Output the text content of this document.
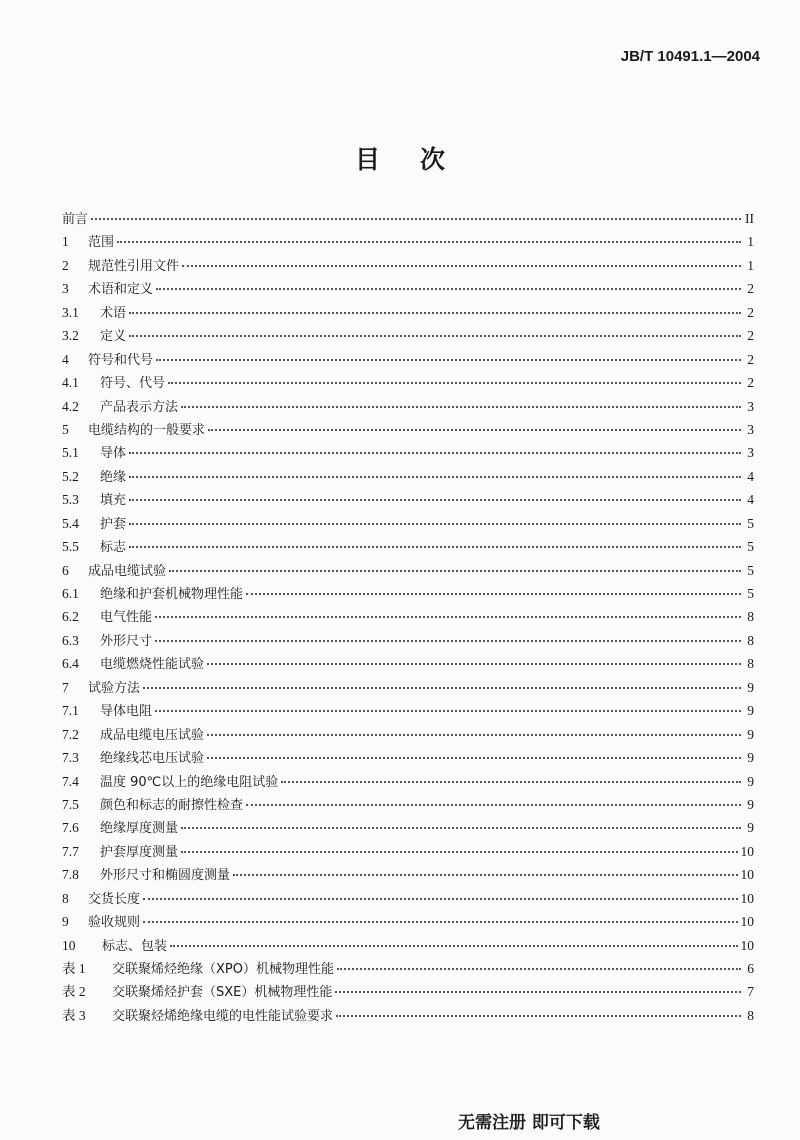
JB/T 10491.1—2004
目次
前言	II
1	范围	1
2	规范性引用文件	1
3	术语和定义	2
3.1	术语	2
3.2	定义	2
4	符号和代号	2
4.1	符号、代号	2
4.2	产品表示方法	3
5	电缆结构的一般要求	3
5.1	导体	3
5.2	绝缘	4
5.3	填充	4
5.4	护套	5
5.5	标志	5
6	成品电缆试验	5
6.1	绝缘和护套机械物理性能	5
6.2	电气性能	8
6.3	外形尺寸	8
6.4	电缆燃烧性能试验	8
7	试验方法	9
7.1	导体电阻	9
7.2	成品电缆电压试验	9
7.3	绝缘线芯电压试验	9
7.4	温度 90℃以上的绝缘电阻试验	9
7.5	颜色和标志的耐擦性检查	9
7.6	绝缘厚度测量	9
7.7	护套厚度测量	10
7.8	外形尺寸和椭圆度测量	10
8	交货长度	10
9	验收规则	10
10	标志、包装	10
表 1	交联聚烯烃绝缘（XPO）机械物理性能	6
表 2	交联聚烯烃护套（SXE）机械物理性能	7
表 3	交联聚烃烯绝缘电缆的电性能试验要求	8
无需注册 即可下载
